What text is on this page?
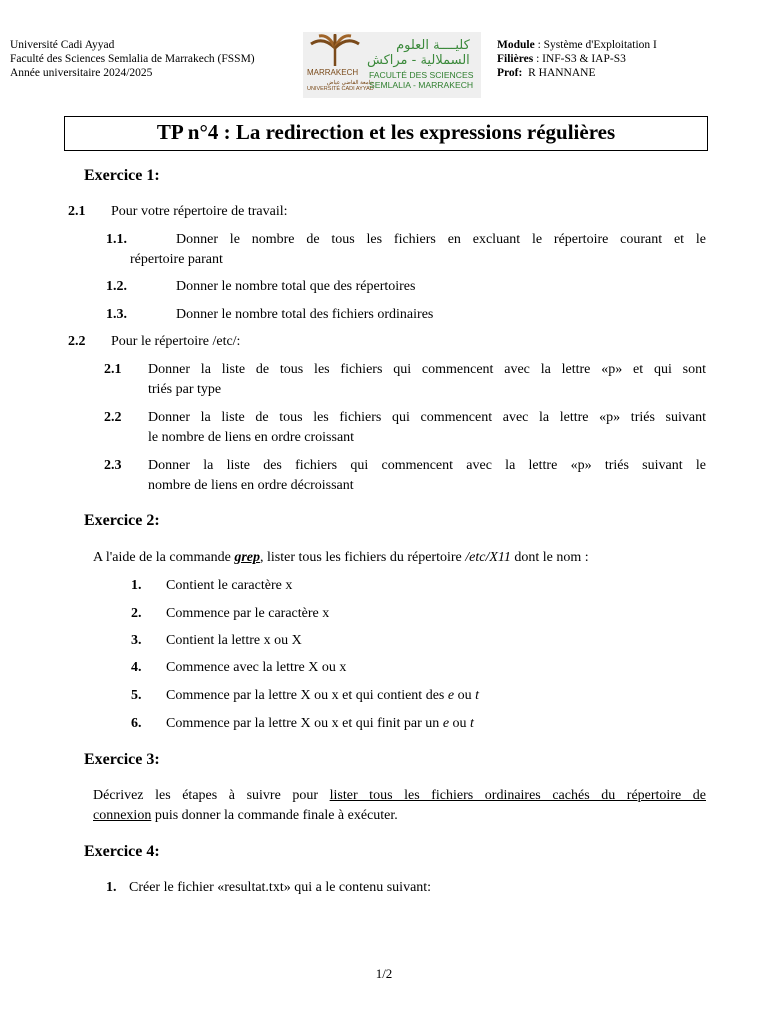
Université Cadi Ayyad
Faculté des Sciences Semlalia de Marrakech (FSSM)
Année universitaire 2024/2025	MARRAKECH
جامعة القاضي عياض
UNIVERSITÉ CADI AYYAD
كليــــة العلوم
السملالية - مراكش
FACULTÉ DES SCIENCES
SEMLALIA - MARRAKECH
Module : Système d'Exploitation I
Filières : INF-S3 & IAP-S3
Prof: R HANNANE
TP n°4 : La redirection et les expressions régulières
Exercice 1:
2.1 Pour votre répertoire de travail:
1.1.	Donner le nombre de tous les fichiers en excluant le répertoire courant et le
répertoire parant
1.2.	Donner le nombre total que des répertoires
1.3.	Donner le nombre total des fichiers ordinaires
2.2 Pour le répertoire /etc/:
2.1 Donner la liste de tous les fichiers qui commencent avec la lettre «p» et qui sont
triés par type
2.2 Donner la liste de tous les fichiers qui commencent avec la lettre «p» triés suivant
le nombre de liens en ordre croissant
2.3 Donner la liste des fichiers qui commencent avec la lettre «p» triés suivant le
nombre de liens en ordre décroissant
Exercice 2:
A l'aide de la commande grep, lister tous les fichiers du répertoire /etc/X11 dont le nom :
1. Contient le caractère x
2. Commence par le caractère x
3. Contient la lettre x ou X
4. Commence avec la lettre X ou x
5. Commence par la lettre X ou x et qui contient des e ou t
6. Commence par la lettre X ou x et qui finit par un e ou t
Exercice 3:
Décrivez les étapes à suivre pour lister tous les fichiers ordinaires cachés du répertoire de
connexion puis donner la commande finale à exécuter.
Exercice 4:
1. Créer le fichier «resultat.txt» qui a le contenu suivant:
1/2
